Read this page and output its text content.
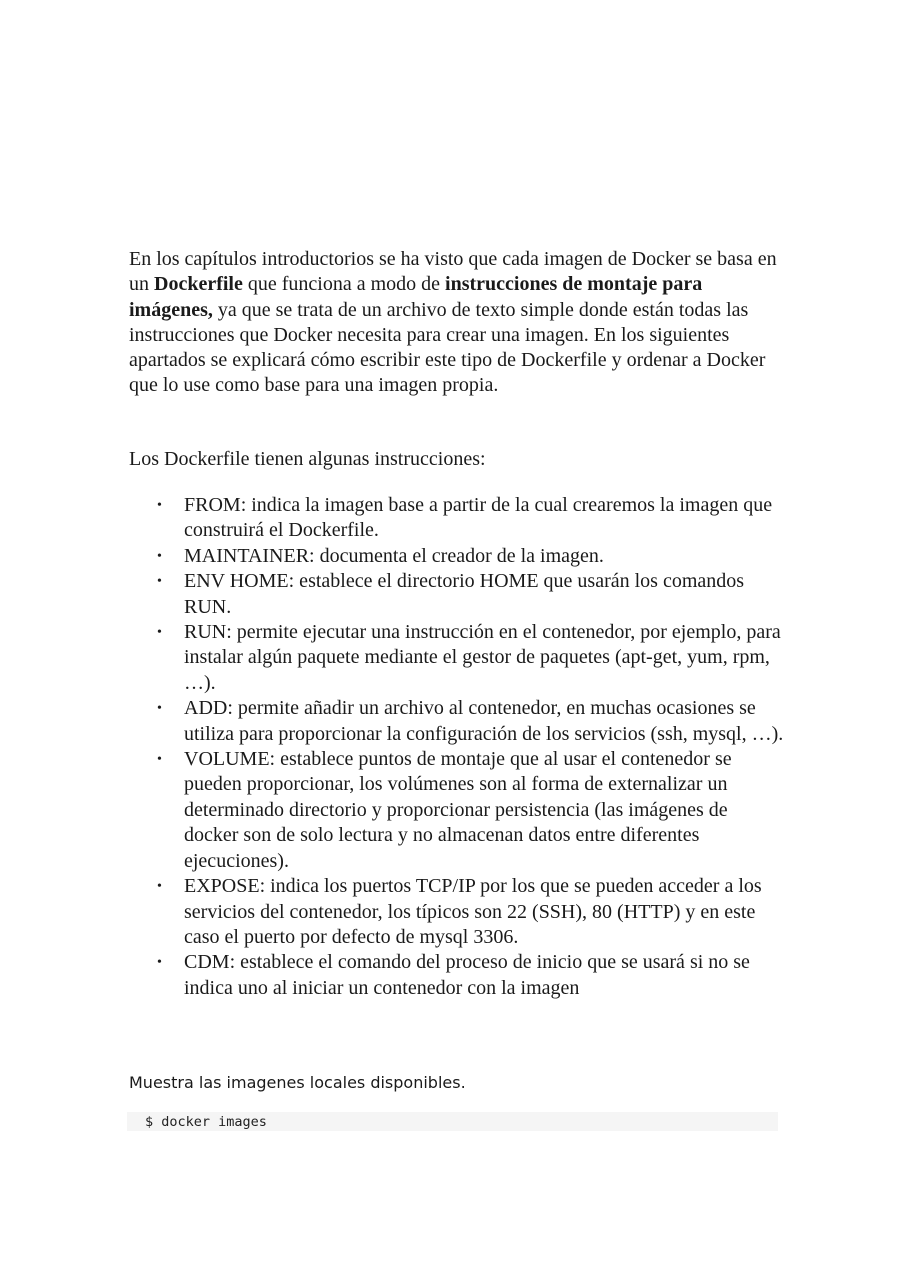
En los capítulos introductorios se ha visto que cada imagen de Docker se basa en un Dockerfile que funciona a modo de instrucciones de montaje para imágenes, ya que se trata de un archivo de texto simple donde están todas las instrucciones que Docker necesita para crear una imagen. En los siguientes apartados se explicará cómo escribir este tipo de Dockerfile y ordenar a Docker que lo use como base para una imagen propia.

Los Dockerfile tienen algunas instrucciones:

• FROM: indica la imagen base a partir de la cual crearemos la imagen que construirá el Dockerfile.
• MAINTAINER: documenta el creador de la imagen.
• ENV HOME: establece el directorio HOME que usarán los comandos RUN.
• RUN: permite ejecutar una instrucción en el contenedor, por ejemplo, para instalar algún paquete mediante el gestor de paquetes (apt-get, yum, rpm, …).
• ADD: permite añadir un archivo al contenedor, en muchas ocasiones se utiliza para proporcionar la configuración de los servicios (ssh, mysql, …).
• VOLUME: establece puntos de montaje que al usar el contenedor se pueden proporcionar, los volúmenes son al forma de externalizar un determinado directorio y proporcionar persistencia (las imágenes de docker son de solo lectura y no almacenan datos entre diferentes ejecuciones).
• EXPOSE: indica los puertos TCP/IP por los que se pueden acceder a los servicios del contenedor, los típicos son 22 (SSH), 80 (HTTP) y en este caso el puerto por defecto de mysql 3306.
• CDM: establece el comando del proceso de inicio que se usará si no se indica uno al iniciar un contenedor con la imagen

Muestra las imagenes locales disponibles.

$ docker images
